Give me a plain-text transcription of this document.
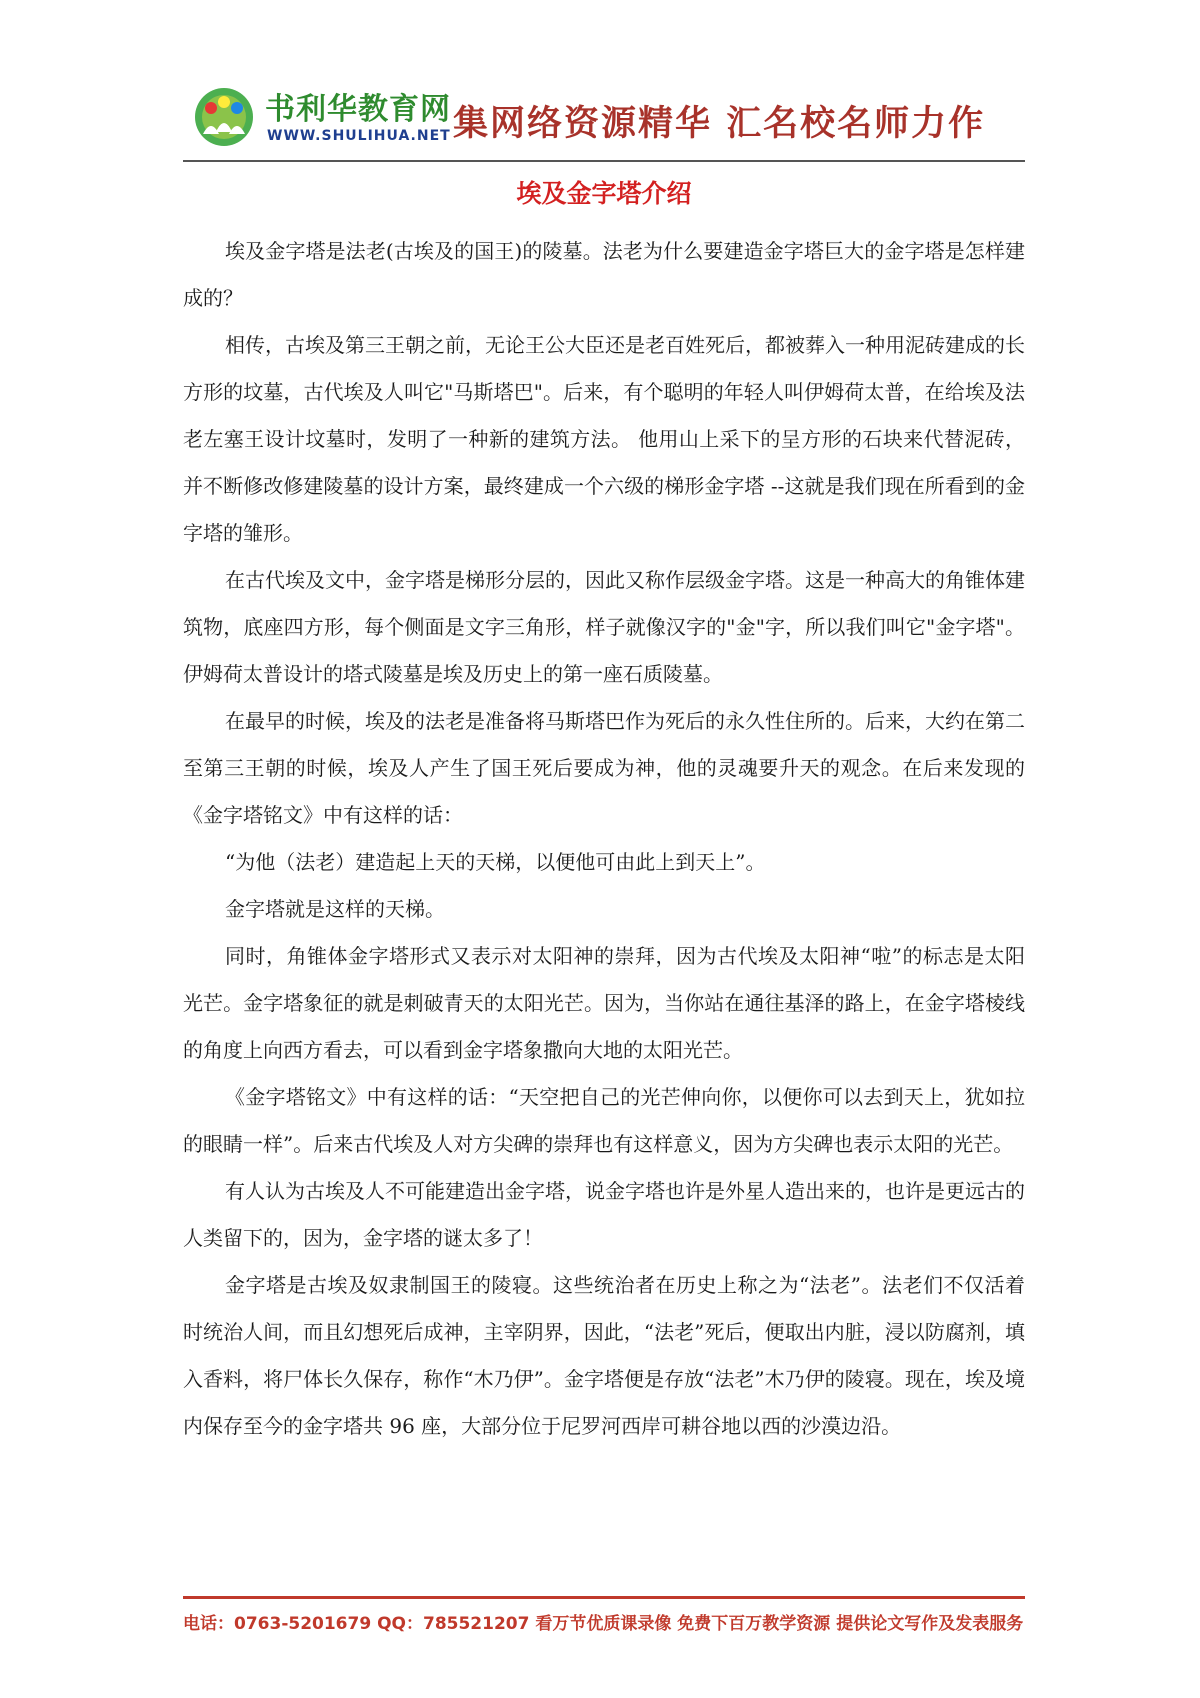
书利华教育网
WWW.SHULIHUA.NET 集网络资源精华 汇名校名师力作
埃及金字塔介绍

埃及金字塔是法老(古埃及的国王)的陵墓。法老为什么要建造金字塔巨大的金字塔是怎样建成的？

相传，古埃及第三王朝之前，无论王公大臣还是老百姓死后，都被葬入一种用泥砖建成的长方形的坟墓，古代埃及人叫它"马斯塔巴"。后来，有个聪明的年轻人叫伊姆荷太普，在给埃及法老左塞王设计坟墓时，发明了一种新的建筑方法。 他用山上采下的呈方形的石块来代替泥砖，并不断修改修建陵墓的设计方案，最终建成一个六级的梯形金字塔 --这就是我们现在所看到的金字塔的雏形。

在古代埃及文中，金字塔是梯形分层的，因此又称作层级金字塔。这是一种高大的角锥体建筑物，底座四方形，每个侧面是文字三角形，样子就像汉字的"金"字，所以我们叫它"金字塔"。伊姆荷太普设计的塔式陵墓是埃及历史上的第一座石质陵墓。

在最早的时候，埃及的法老是准备将马斯塔巴作为死后的永久性住所的。后来，大约在第二至第三王朝的时候，埃及人产生了国王死后要成为神，他的灵魂要升天的观念。在后来发现的《金字塔铭文》中有这样的话：

“为他（法老）建造起上天的天梯，以便他可由此上到天上”。

金字塔就是这样的天梯。

同时，角锥体金字塔形式又表示对太阳神的崇拜，因为古代埃及太阳神“啦”的标志是太阳光芒。金字塔象征的就是刺破青天的太阳光芒。因为，当你站在通往基泽的路上，在金字塔棱线的角度上向西方看去，可以看到金字塔象撒向大地的太阳光芒。

《金字塔铭文》中有这样的话：“天空把自己的光芒伸向你，以便你可以去到天上，犹如拉的眼睛一样”。后来古代埃及人对方尖碑的崇拜也有这样意义，因为方尖碑也表示太阳的光芒。

有人认为古埃及人不可能建造出金字塔，说金字塔也许是外星人造出来的，也许是更远古的人类留下的，因为，金字塔的谜太多了！

金字塔是古埃及奴隶制国王的陵寝。这些统治者在历史上称之为“法老”。法老们不仅活着时统治人间，而且幻想死后成神，主宰阴界，因此，“法老”死后，便取出内脏，浸以防腐剂，填入香料，将尸体长久保存，称作“木乃伊”。金字塔便是存放“法老”木乃伊的陵寝。现在，埃及境内保存至今的金字塔共 96 座，大部分位于尼罗河西岸可耕谷地以西的沙漠边沿。

电话：0763-5201679 QQ：785521207 看万节优质课录像 免费下百万教学资源 提供论文写作及发表服务
